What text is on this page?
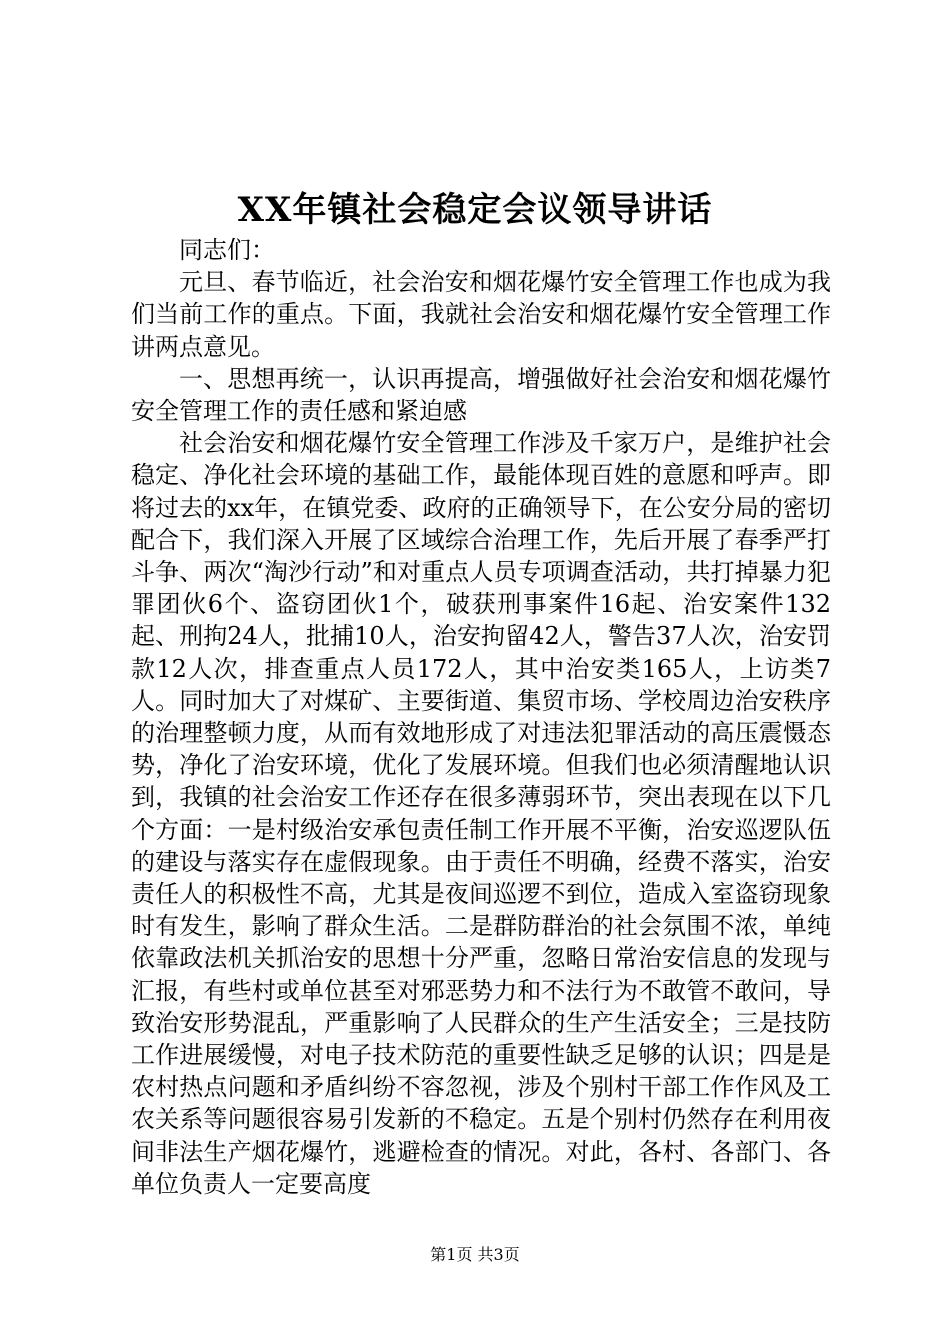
XX年镇社会稳定会议领导讲话

同志们：

元旦、春节临近，社会治安和烟花爆竹安全管理工作也成为我们当前工作的重点。下面，我就社会治安和烟花爆竹安全管理工作讲两点意见。

一、思想再统一，认识再提高，增强做好社会治安和烟花爆竹安全管理工作的责任感和紧迫感

社会治安和烟花爆竹安全管理工作涉及千家万户，是维护社会稳定、净化社会环境的基础工作，最能体现百姓的意愿和呼声。即将过去的xx年，在镇党委、政府的正确领导下，在公安分局的密切配合下，我们深入开展了区域综合治理工作，先后开展了春季严打斗争、两次“淘沙行动”和对重点人员专项调查活动，共打掉暴力犯罪团伙6个、盗窃团伙1个，破获刑事案件16起、治安案件132起、刑拘24人，批捕10人，治安拘留42人，警告37人次，治安罚款12人次，排查重点人员172人，其中治安类165人，上访类7人。同时加大了对煤矿、主要街道、集贸市场、学校周边治安秩序的治理整顿力度，从而有效地形成了对违法犯罪活动的高压震慑态势，净化了治安环境，优化了发展环境。但我们也必须清醒地认识到，我镇的社会治安工作还存在很多薄弱环节，突出表现在以下几个方面：一是村级治安承包责任制工作开展不平衡，治安巡逻队伍的建设与落实存在虚假现象。由于责任不明确，经费不落实，治安责任人的积极性不高，尤其是夜间巡逻不到位，造成入室盗窃现象时有发生，影响了群众生活。二是群防群治的社会氛围不浓，单纯依靠政法机关抓治安的思想十分严重，忽略日常治安信息的发现与汇报，有些村或单位甚至对邪恶势力和不法行为不敢管不敢问，导致治安形势混乱，严重影响了人民群众的生产生活安全；三是技防工作进展缓慢，对电子技术防范的重要性缺乏足够的认识；四是是农村热点问题和矛盾纠纷不容忽视，涉及个别村干部工作作风及工农关系等问题很容易引发新的不稳定。五是个别村仍然存在利用夜间非法生产烟花爆竹，逃避检查的情况。对此，各村、各部门、各单位负责人一定要高度

第1页 共3页
